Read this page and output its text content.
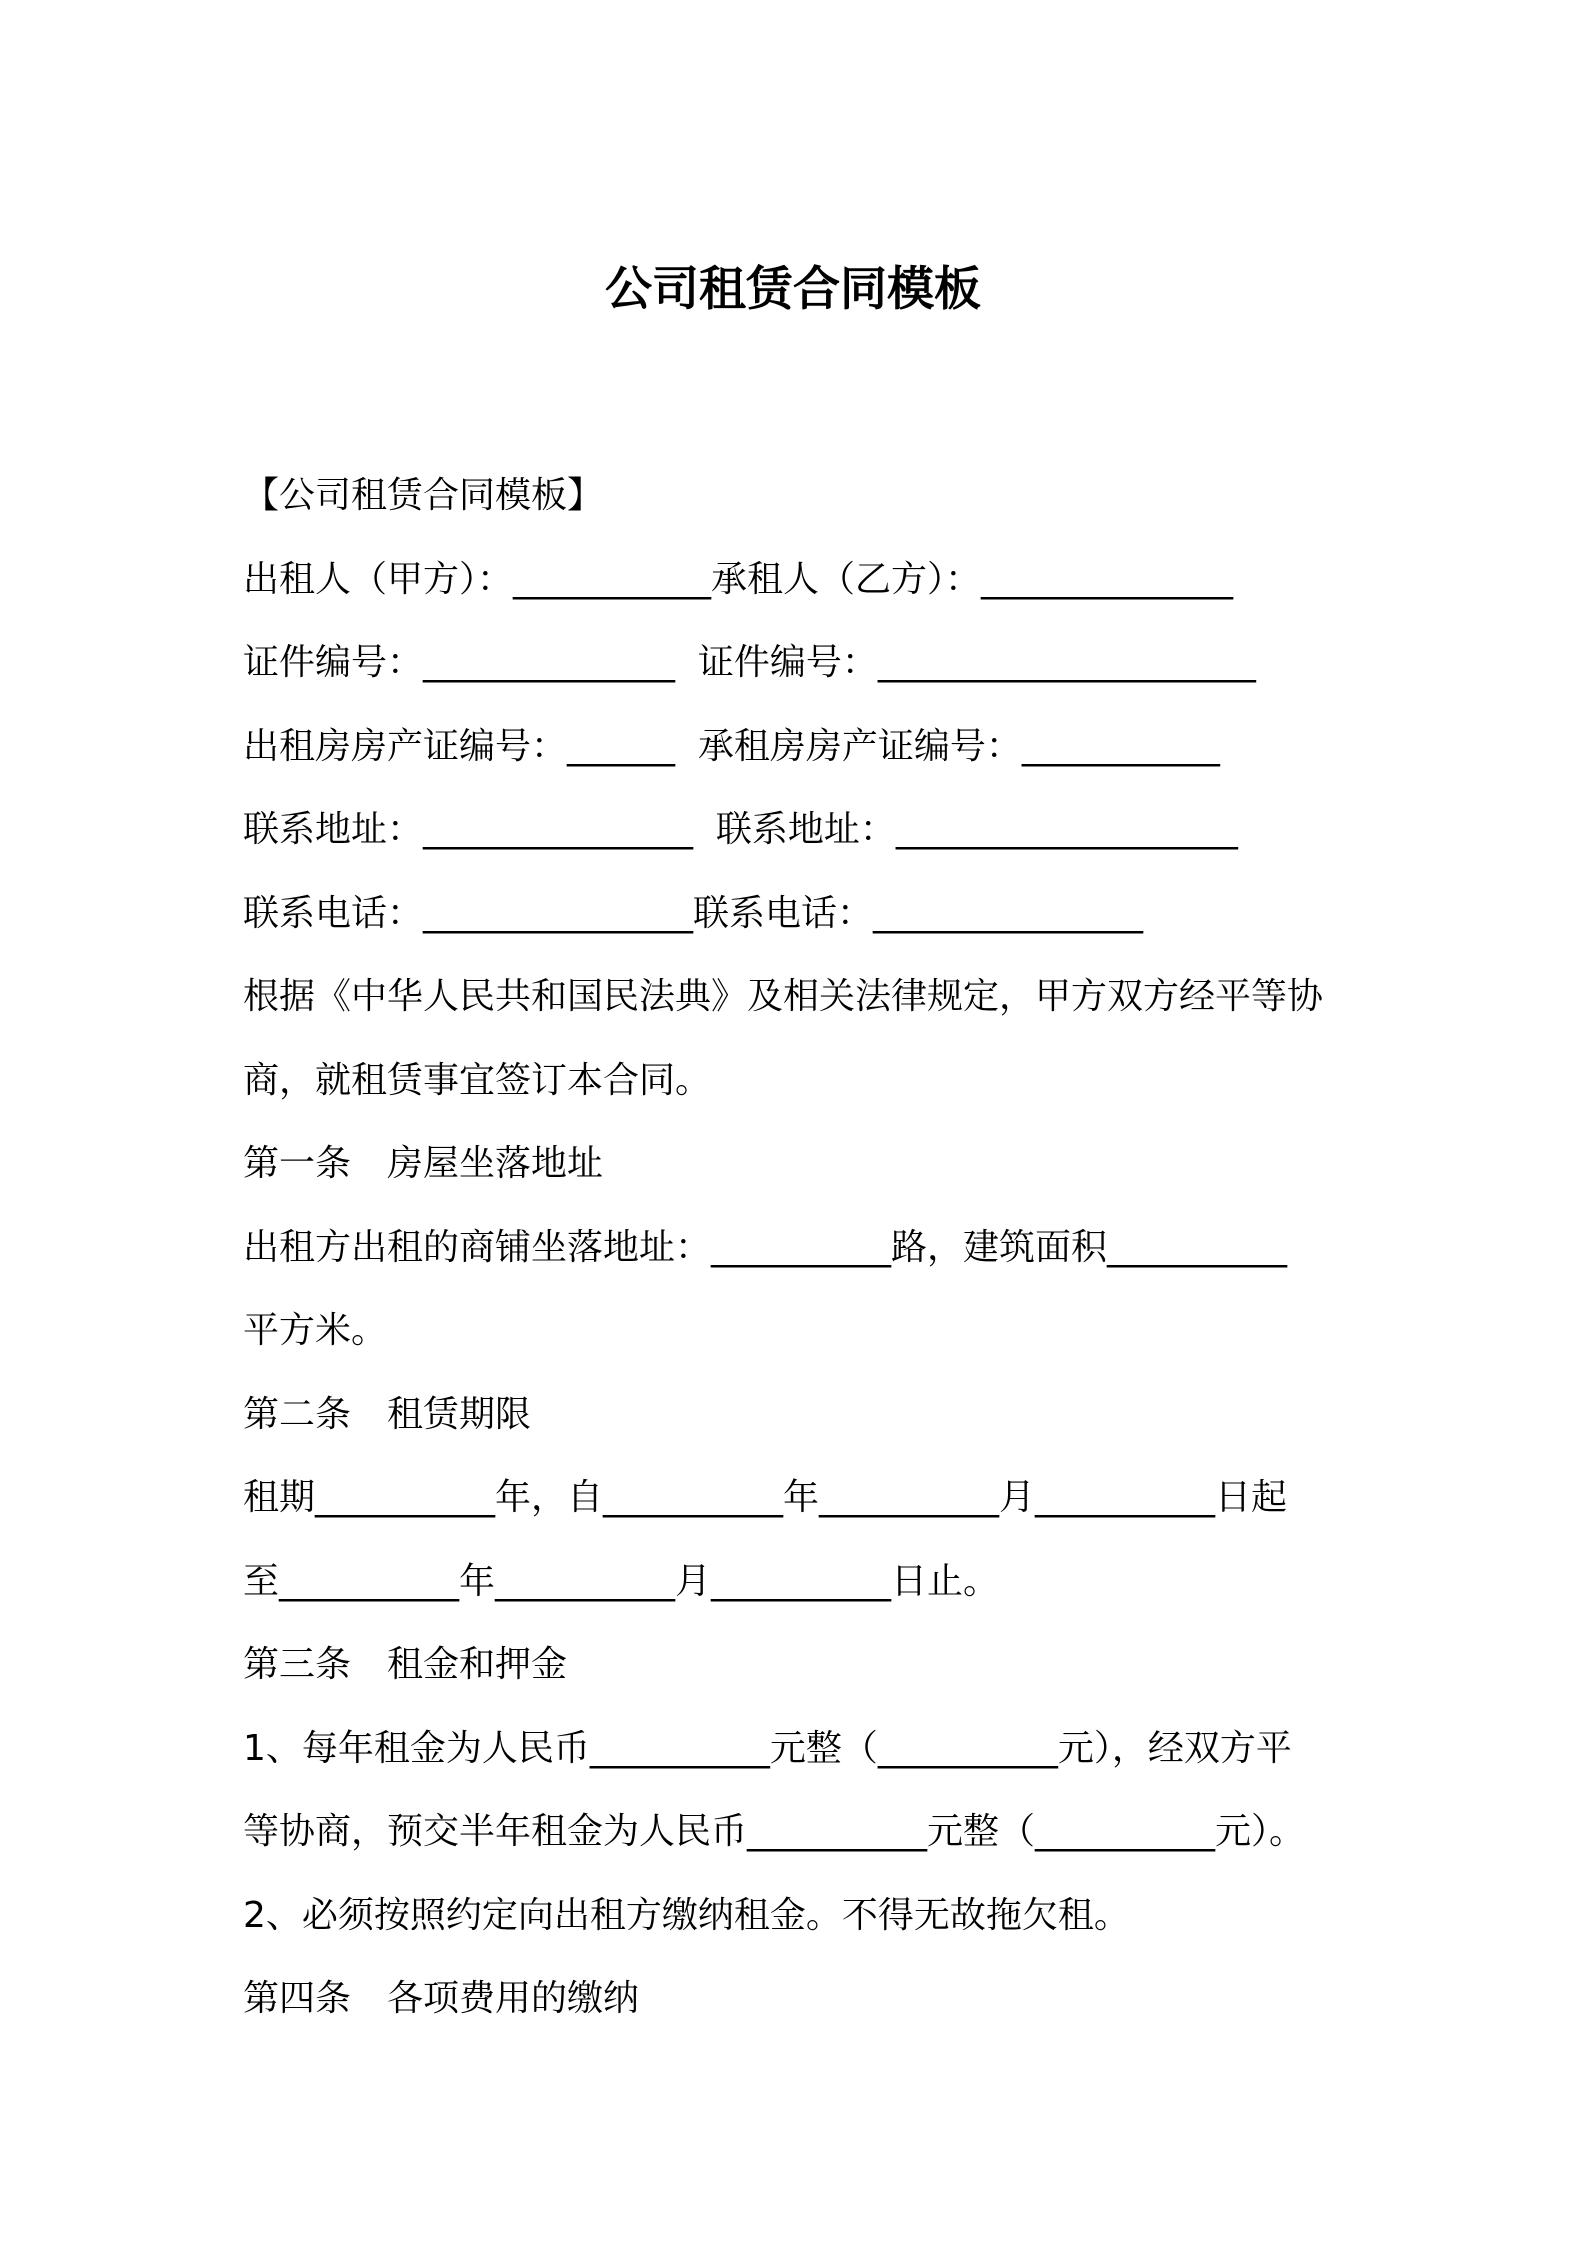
公司租赁合同模板

【公司租赁合同模板】

出租人（甲方）：___________承租人（乙方）：______________

证件编号：______________  证件编号：_____________________

出租房房产证编号：______  承租房房产证编号：___________

联系地址：_______________  联系地址：___________________

联系电话：_______________联系电话：_______________

根据《中华人民共和国民法典》及相关法律规定，甲方双方经平等协

商，就租赁事宜签订本合同。

第一条　房屋坐落地址

出租方出租的商铺坐落地址：__________路，建筑面积__________

平方米。

第二条　租赁期限

租期__________年，自__________年__________月__________日起

至__________年__________月__________日止。

第三条　租金和押金

1、每年租金为人民币__________元整（__________元），经双方平

等协商，预交半年租金为人民币__________元整（__________元）。

2、必须按照约定向出租方缴纳租金。不得无故拖欠租。

第四条　各项费用的缴纳
